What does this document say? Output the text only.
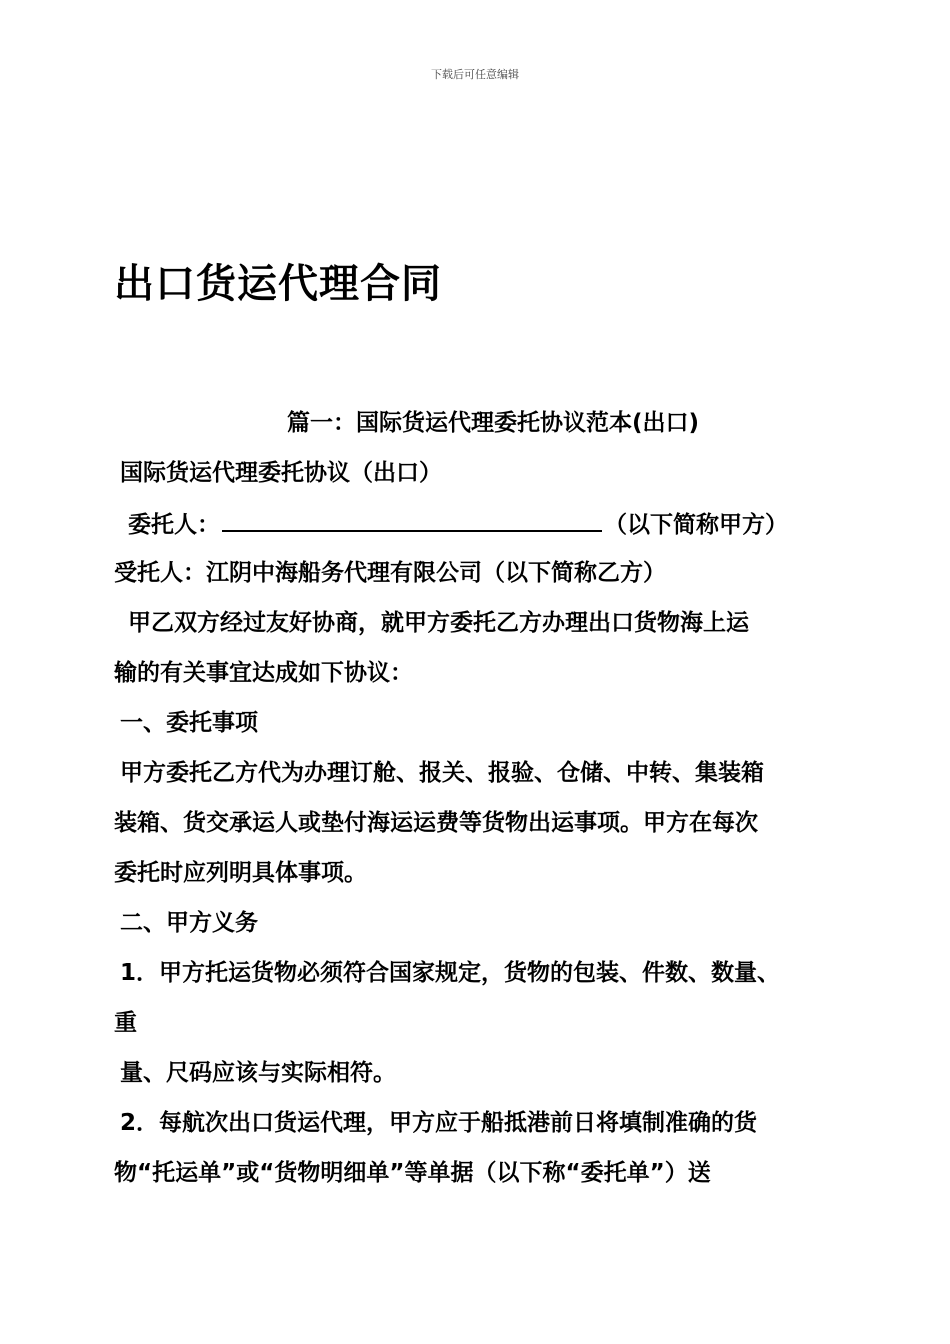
下载后可任意编辑
出口货运代理合同
篇一：国际货运代理委托协议范本(出口)
国际货运代理委托协议（出口）
委托人：	（以下简称甲方）
受托人：江阴中海船务代理有限公司（以下简称乙方）
甲乙双方经过友好协商，就甲方委托乙方办理出口货物海上运
输的有关事宜达成如下协议：
一、委托事项
甲方委托乙方代为办理订舱、报关、报验、仓储、中转、集装箱
装箱、货交承运人或垫付海运运费等货物出运事项。甲方在每次
委托时应列明具体事项。
二、甲方义务
1．甲方托运货物必须符合国家规定，货物的包装、件数、数量、
重
量、尺码应该与实际相符。
2．每航次出口货运代理，甲方应于船抵港前日将填制准确的货
物“托运单”或“货物明细单”等单据（以下称“委托单”）送
